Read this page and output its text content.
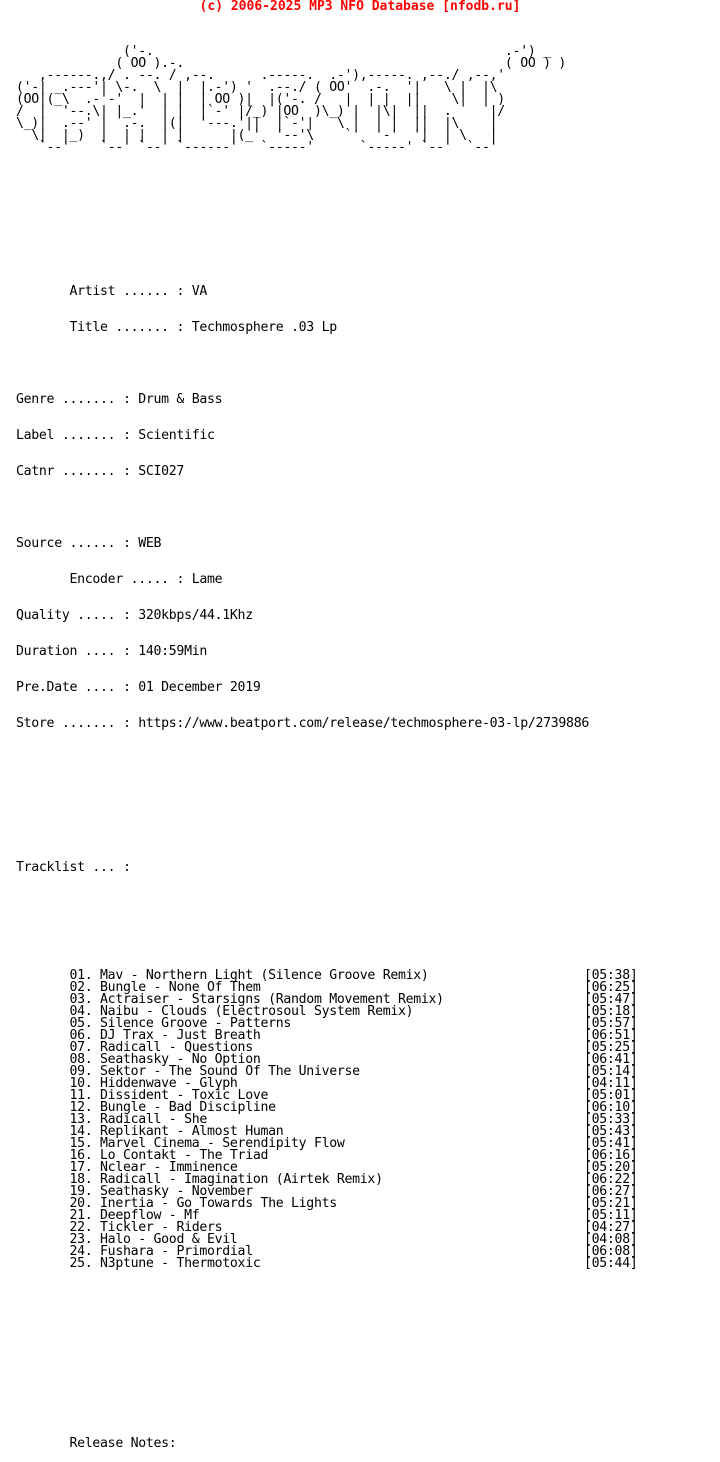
(c) 2006-2025 MP3 NFO Database [nfodb.ru]

('-.                                              .-') _
( OO ).-.                                          ( OO ) )
,------.,/ . --. / ,--.      .-----.  .-'),-----. ,--./ ,--,'
('-| _.---'| \-.  \  |  |.-') '  .--./ ( OO'  .-.  '|   \ |  |\
(OO|(_\  .-'-'  |  | |  | OO )|  |('-. /   |  | |  ||    \|  | )
/  |  '--.\| |_.'  | |  |`-' |/_) |OO  )\_) |  |\|  ||  .     |/
\_)|  .--' |  .-.  |(|  '---.'||  |`-'|   \ |  | |  ||  |\    |
\|  |_)  |  | |  | |      |(_'  '--'\    `'  '-'  '|  | \   |
`--'    `--' `--' `------'   `-----'      `-----' `--'  `--'

Artist ...... : VA

Title ....... : Techmosphere .03 Lp

Genre ....... : Drum & Bass

Label ....... : Scientific

Catnr ....... : SCI027

Source ...... : WEB

Encoder ..... : Lame

Quality ..... : 320kbps/44.1Khz

Duration .... : 140:59Min

Pre.Date .... : 01 December 2019

Store ....... : https://www.beatport.com/release/techmosphere-03-lp/2739886

Tracklist ... :

01. Mav - Northern Light (Silence Groove Remix)	[05:38]
02. Bungle - None Of Them	[06:25]
03. Actraiser - Starsigns (Random Movement Remix)	[05:47]
04. Naibu - Clouds (Electrosoul System Remix)	[05:18]
05. Silence Groove - Patterns	[05:57]
06. DJ Trax - Just Breath	[06:51]
07. Radicall - Questions	[05:25]
08. Seathasky - No Option	[06:41]
09. Sektor - The Sound Of The Universe	[05:14]
10. Hiddenwave - Glyph	[04:11]
11. Dissident - Toxic Love	[05:01]
12. Bungle - Bad Discipline	[06:10]
13. Radicall - She	[05:33]
14. Replikant - Almost Human	[05:43]
15. Marvel Cinema - Serendipity Flow	[05:41]
16. Lo Contakt - The Triad	[06:16]
17. Nclear - Imminence	[05:20]
18. Radicall - Imagination (Airtek Remix)	[06:22]
19. Seathasky - November	[06:27]
20. Inertia - Go Towards The Lights	[05:21]
21. Deepflow - Mf	[05:11]
22. Tickler - Riders	[04:27]
23. Halo - Good & Evil	[04:08]
24. Fushara - Primordial	[06:08]
25. N3ptune - Thermotoxic	[05:44]

Release Notes:
